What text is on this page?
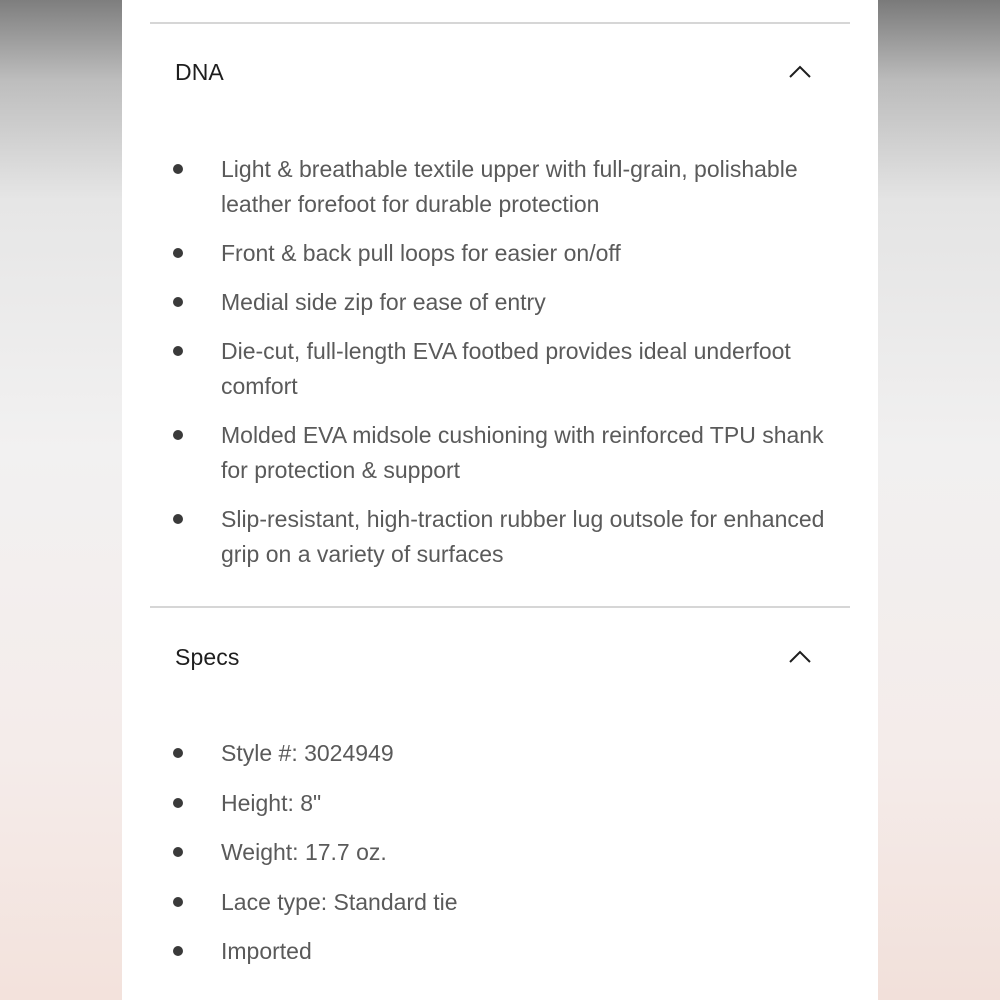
DNA
Light & breathable textile upper with full-grain, polishable leather forefoot for durable protection
Front & back pull loops for easier on/off
Medial side zip for ease of entry
Die-cut, full-length EVA footbed provides ideal underfoot comfort
Molded EVA midsole cushioning with reinforced TPU shank for protection & support
Slip-resistant, high-traction rubber lug outsole for enhanced grip on a variety of surfaces
Specs
Style #: 3024949
Height: 8"
Weight: 17.7 oz.
Lace type: Standard tie
Imported
